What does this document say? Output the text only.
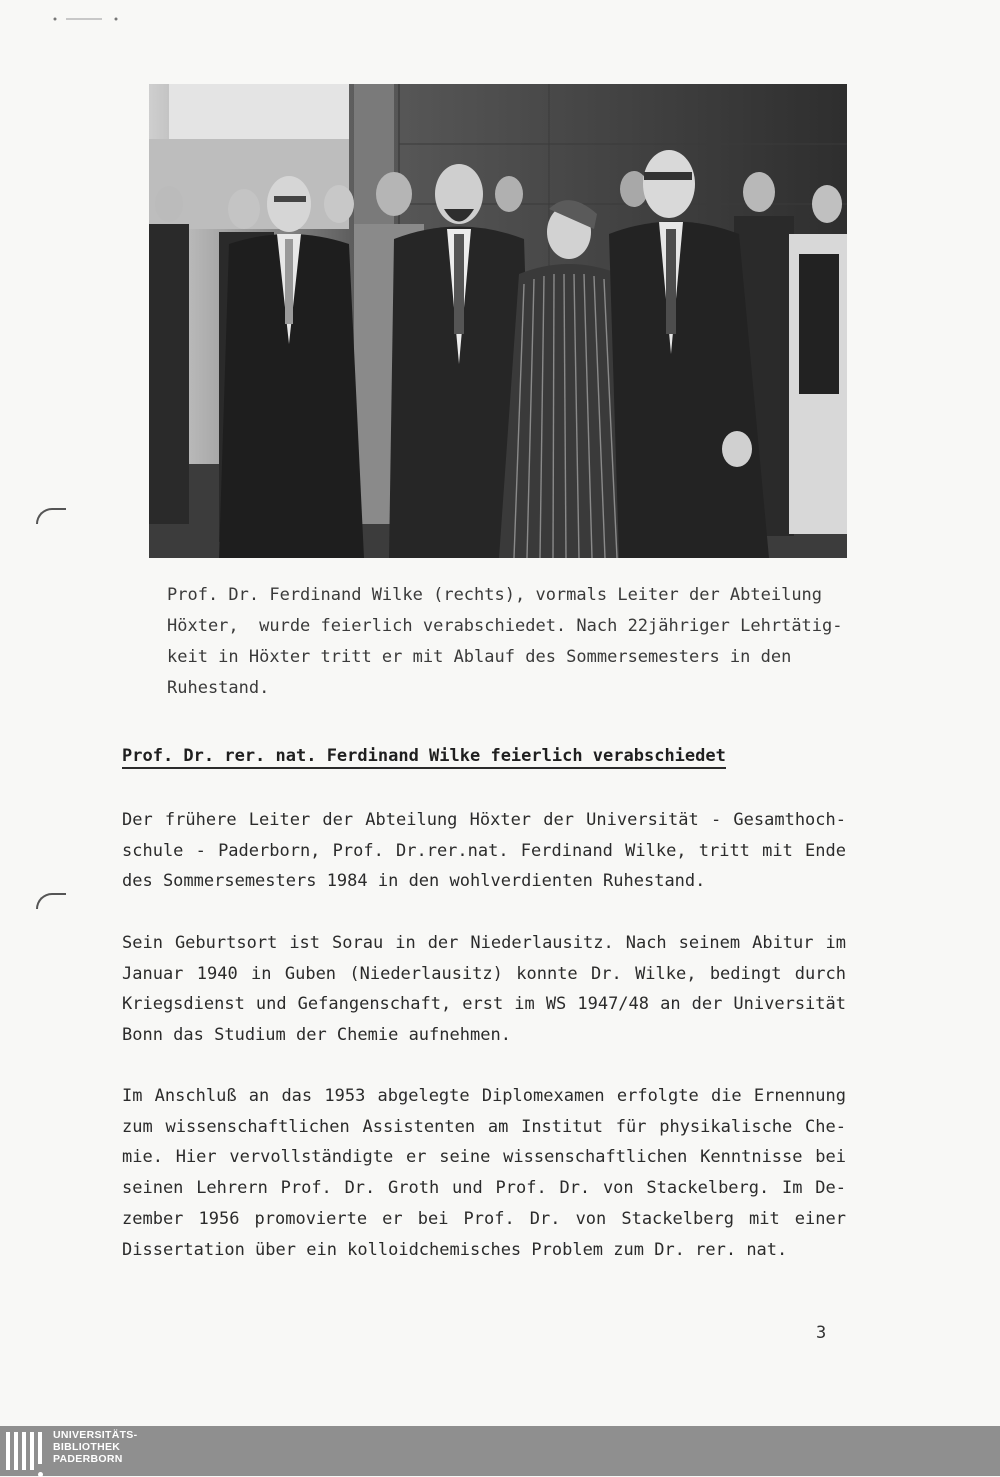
Prof. Dr. Ferdinand Wilke (rechts), vormals Leiter der Abteilung

Höxter,  wurde feierlich verabschiedet. Nach 22jähriger Lehrtätig-

keit in Höxter tritt er mit Ablauf des Sommersemesters in den

Ruhestand.

Prof. Dr. rer. nat. Ferdinand Wilke feierlich verabschiedet
Der frühere Leiter der Abteilung Höxter der Universität - Gesamthoch-
schule - Paderborn, Prof. Dr.rer.nat. Ferdinand Wilke, tritt mit Ende
des Sommersemesters 1984 in den wohlverdienten Ruhestand.
Sein Geburtsort ist Sorau in der Niederlausitz. Nach seinem Abitur im
Januar 1940 in Guben (Niederlausitz) konnte Dr. Wilke, bedingt durch
Kriegsdienst und Gefangenschaft, erst im WS 1947/48 an der Universität
Bonn das Studium der Chemie aufnehmen.
Im Anschluß an das 1953 abgelegte Diplomexamen erfolgte die Ernennung
zum wissenschaftlichen Assistenten am Institut für physikalische Che-
mie. Hier vervollständigte er seine wissenschaftlichen Kenntnisse bei
seinen Lehrern Prof. Dr. Groth und Prof. Dr. von Stackelberg. Im De-
zember 1956 promovierte er bei Prof. Dr. von Stackelberg mit einer
Dissertation über ein kolloidchemisches Problem zum Dr. rer. nat.
3
UNIVERSITÄTS-
BIBLIOTHEK
PADERBORN
